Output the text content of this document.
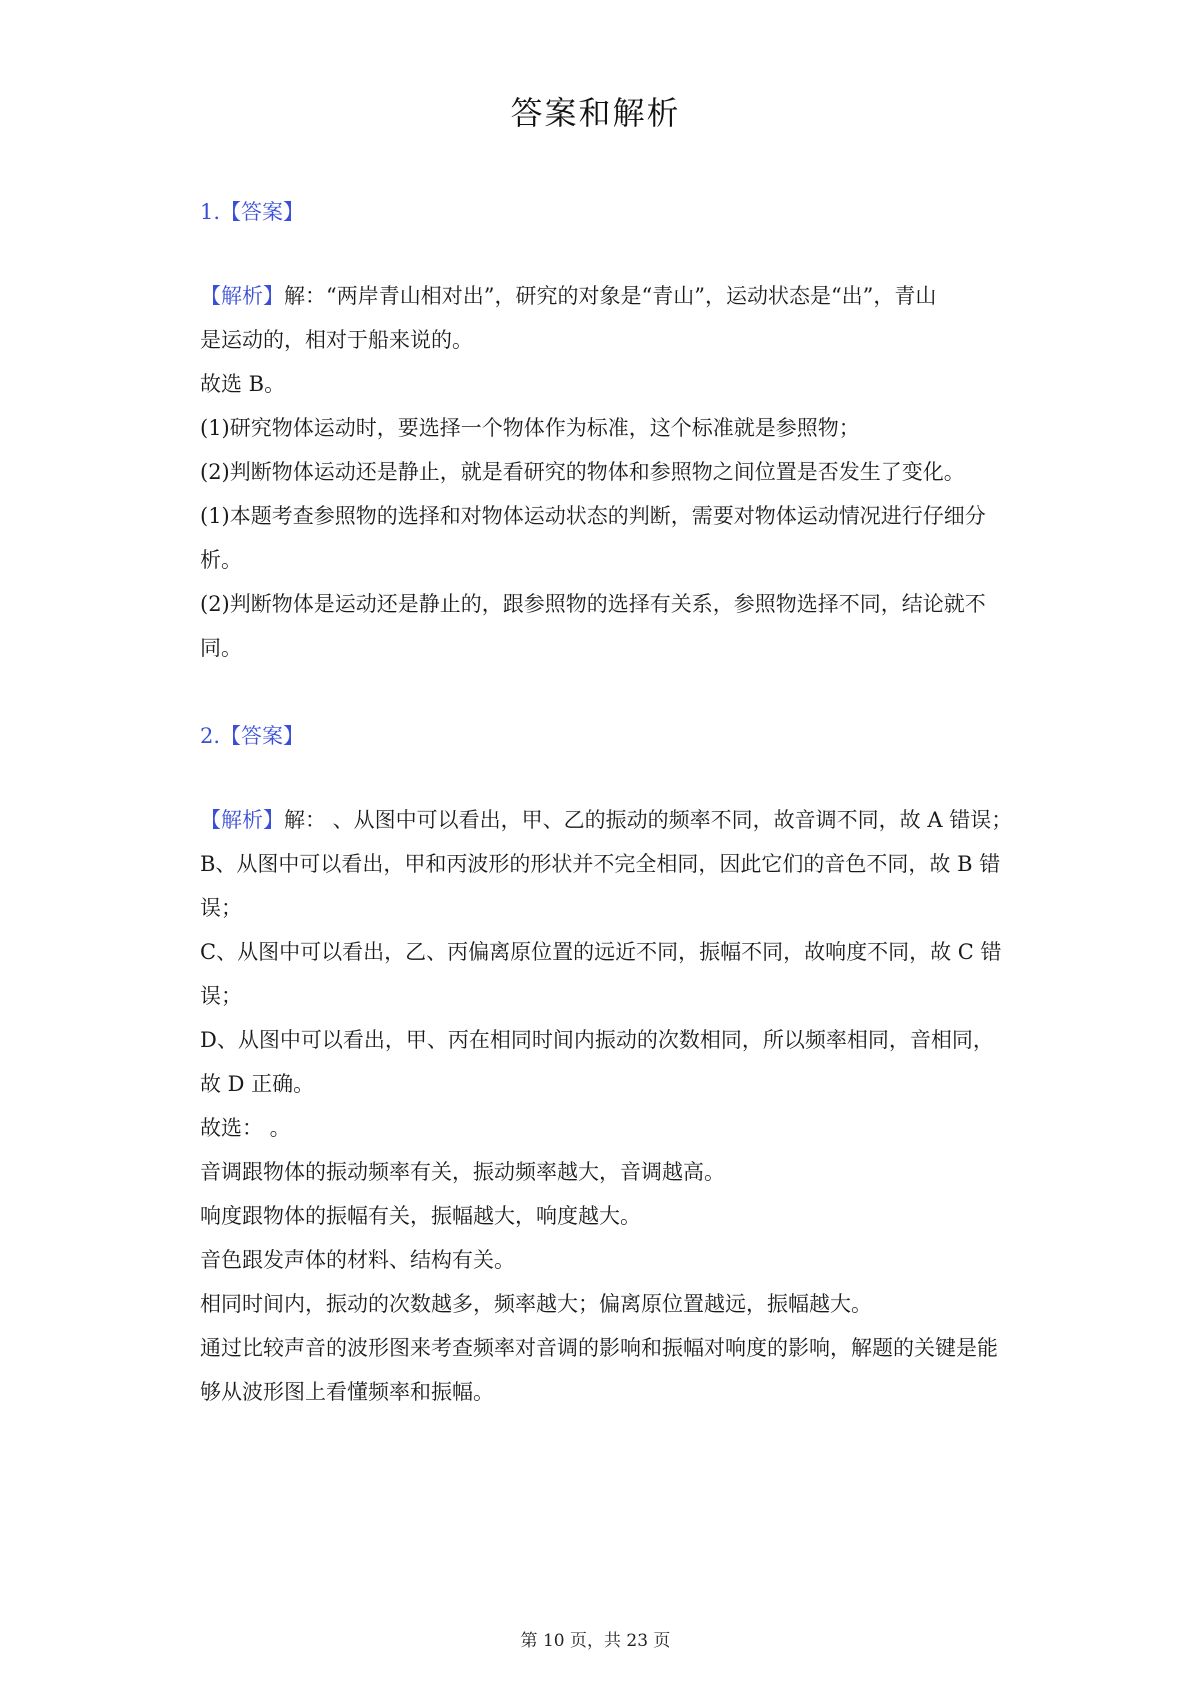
答案和解析
1.【答案】
【解析】解：“两岸青山相对出”，研究的对象是“青山”，运动状态是“出”，青山
是运动的，相对于船来说的。
故选 B。
(1)研究物体运动时，要选择一个物体作为标准，这个标准就是参照物；
(2)判断物体运动还是静止，就是看研究的物体和参照物之间位置是否发生了变化。
(1)本题考查参照物的选择和对物体运动状态的判断，需要对物体运动情况进行仔细分
析。
(2)判断物体是运动还是静止的，跟参照物的选择有关系，参照物选择不同，结论就不
同。
2.【答案】
【解析】解： 、从图中可以看出，甲、乙的振动的频率不同，故音调不同，故 A 错误；
B、从图中可以看出，甲和丙波形的形状并不完全相同，因此它们的音色不同，故 B 错
误；
C、从图中可以看出，乙、丙偏离原位置的远近不同，振幅不同，故响度不同，故 C 错
误；
D、从图中可以看出，甲、丙在相同时间内振动的次数相同，所以频率相同，音相同，
故 D 正确。
故选： 。
音调跟物体的振动频率有关，振动频率越大，音调越高。
响度跟物体的振幅有关，振幅越大，响度越大。
音色跟发声体的材料、结构有关。
相同时间内，振动的次数越多，频率越大；偏离原位置越远，振幅越大。
通过比较声音的波形图来考查频率对音调的影响和振幅对响度的影响，解题的关键是能
够从波形图上看懂频率和振幅。
第 10 页，共 23 页
